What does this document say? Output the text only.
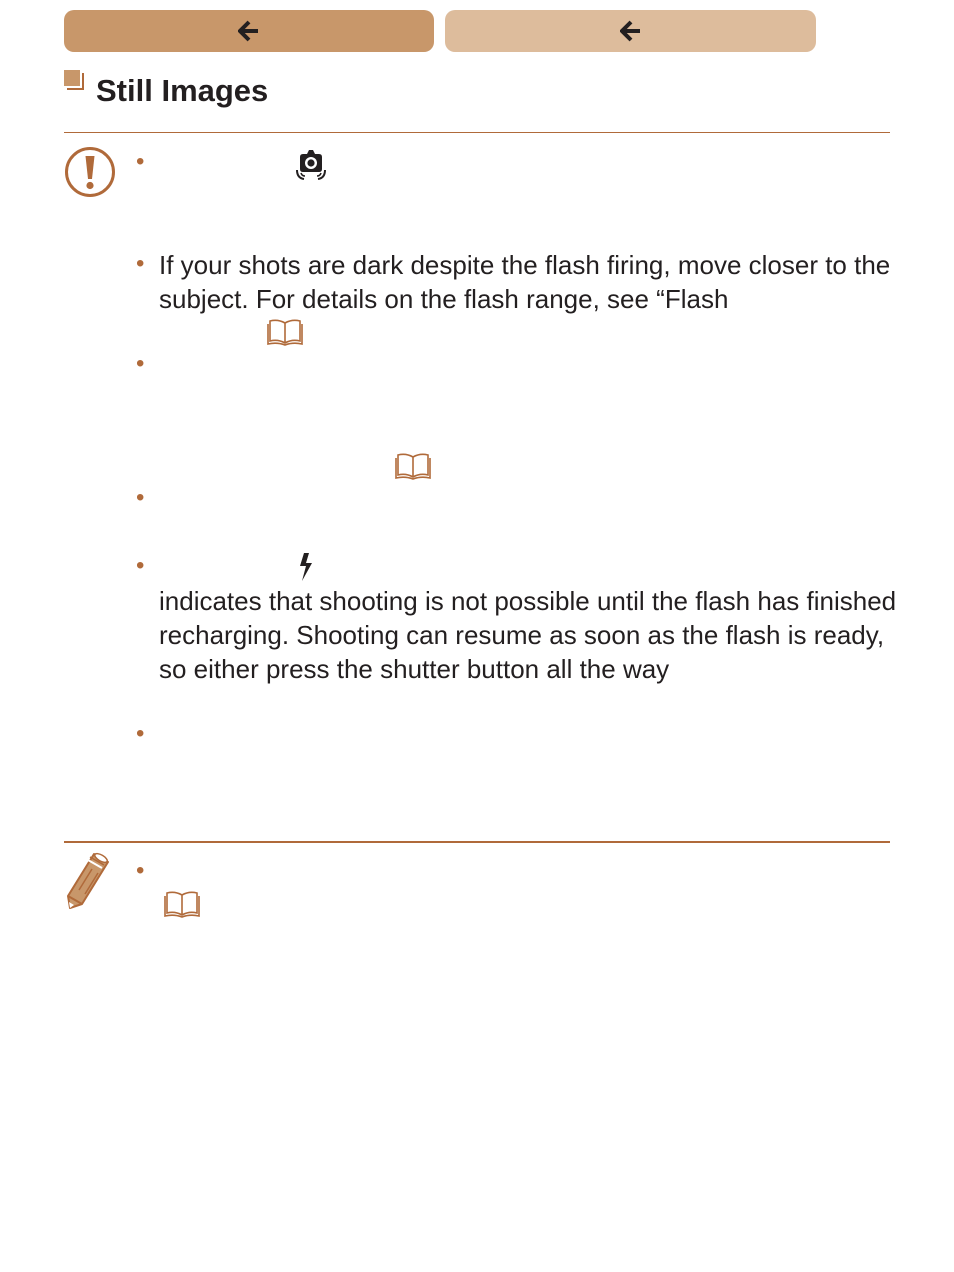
Still Images
•
• If your shots are dark despite the flash firing, move closer to the subject. For details on the flash range, see “Flash
•
•
•
indicates that shooting is not possible until the flash has finished recharging. Shooting can resume as soon as the flash is ready, so either press the shutter button all the way
•
•
